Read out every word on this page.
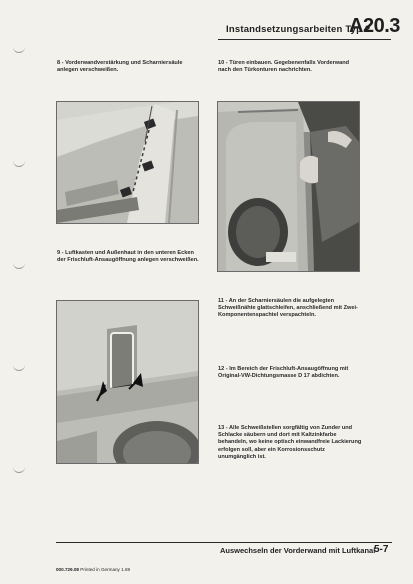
Instandsetzungsarbeiten Typ 2
A20.3
8 - Vorderwandverstärkung und Scharniersäule anlegen verschweißen.
10 - Türen einbauen. Gegebenenfalls Vorderwand nach den Türkonturen nachrichten.
9 - Luftkasten und Außenhaut in den unteren Ecken der Frischluft-Ansaugöffnung anlegen verschweißen.
11 - An der Scharniersäulen die aufgelegten Schweißnähte glattschleifen, anschließend mit Zwei-Komponentenspachtel verspachteln.
12 - Im Bereich der Frischluft-Ansaugöffnung mit Original-VW-Dichtungsmasse D 17 abdichten.
13 - Alle Schweißstellen sorgfältig von Zunder und Schlacke säubern und dort mit Kaltzinkfarbe behandeln, wo keine optisch einwandfreie Lackierung erfolgen soll, aber ein Korrosionsschutz unumgänglich ist.
Auswechseln der Vorderwand mit Luftkanal
5-7
000.729.08 Printed in Germany 1.69
